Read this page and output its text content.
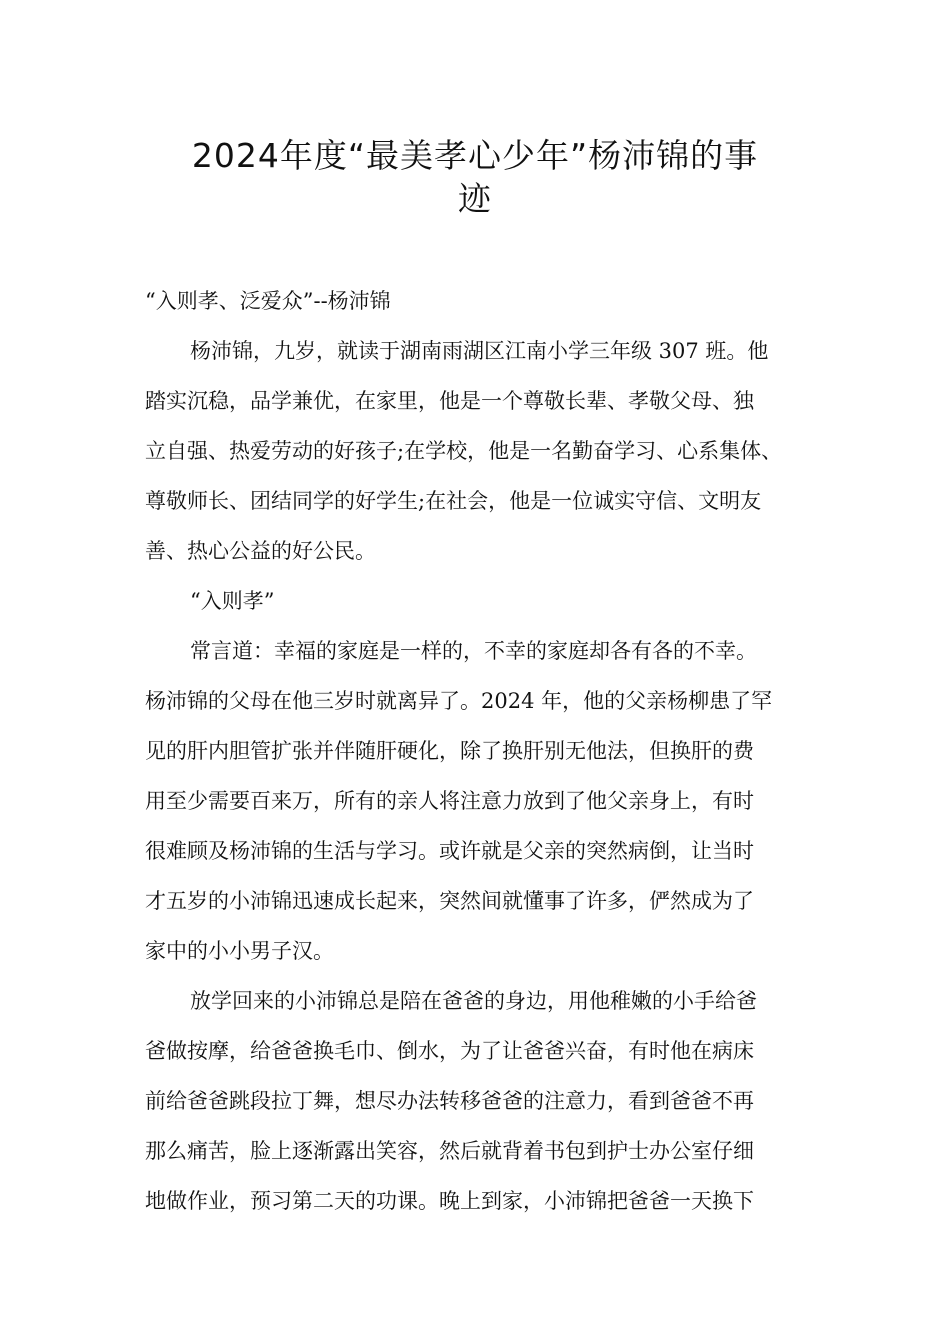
2024年度“最美孝心少年”杨沛锦的事
迹

“入则孝、泛爱众”--杨沛锦

杨沛锦，九岁，就读于湖南雨湖区江南小学三年级 307 班。他

踏实沉稳，品学兼优，在家里，他是一个尊敬长辈、孝敬父母、独

立自强、热爱劳动的好孩子;在学校，他是一名勤奋学习、心系集体、

尊敬师长、团结同学的好学生;在社会，他是一位诚实守信、文明友

善、热心公益的好公民。

“入则孝”

常言道：幸福的家庭是一样的，不幸的家庭却各有各的不幸。

杨沛锦的父母在他三岁时就离异了。2024 年，他的父亲杨柳患了罕

见的肝内胆管扩张并伴随肝硬化，除了换肝别无他法，但换肝的费

用至少需要百来万，所有的亲人将注意力放到了他父亲身上，有时

很难顾及杨沛锦的生活与学习。或许就是父亲的突然病倒，让当时

才五岁的小沛锦迅速成长起来，突然间就懂事了许多，俨然成为了

家中的小小男子汉。

放学回来的小沛锦总是陪在爸爸的身边，用他稚嫩的小手给爸

爸做按摩，给爸爸换毛巾、倒水，为了让爸爸兴奋，有时他在病床

前给爸爸跳段拉丁舞，想尽办法转移爸爸的注意力，看到爸爸不再

那么痛苦，脸上逐渐露出笑容，然后就背着书包到护士办公室仔细

地做作业，预习第二天的功课。晚上到家，小沛锦把爸爸一天换下
